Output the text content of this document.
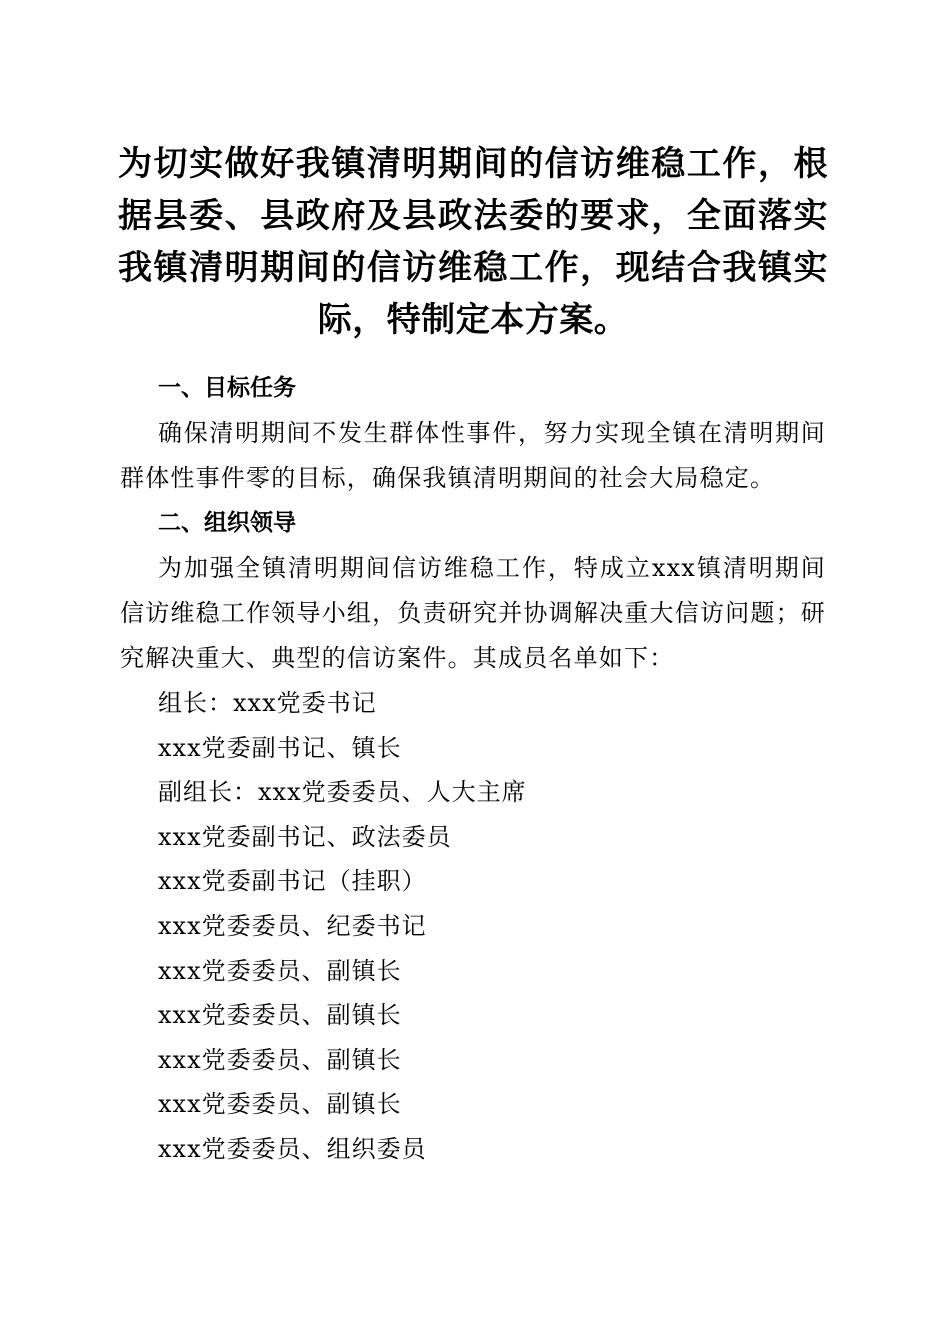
为切实做好我镇清明期间的信访维稳工作，根据县委、县政府及县政法委的要求，全面落实我镇清明期间的信访维稳工作，现结合我镇实际，特制定本方案。

一、目标任务

确保清明期间不发生群体性事件，努力实现全镇在清明期间群体性事件零的目标，确保我镇清明期间的社会大局稳定。

二、组织领导

为加强全镇清明期间信访维稳工作，特成立xxx镇清明期间信访维稳工作领导小组，负责研究并协调解决重大信访问题；研究解决重大、典型的信访案件。其成员名单如下：

组长：xxx党委书记
xxx党委副书记、镇长
副组长：xxx党委委员、人大主席
xxx党委副书记、政法委员
xxx党委副书记（挂职）
xxx党委委员、纪委书记
xxx党委委员、副镇长
xxx党委委员、副镇长
xxx党委委员、副镇长
xxx党委委员、副镇长
xxx党委委员、组织委员
